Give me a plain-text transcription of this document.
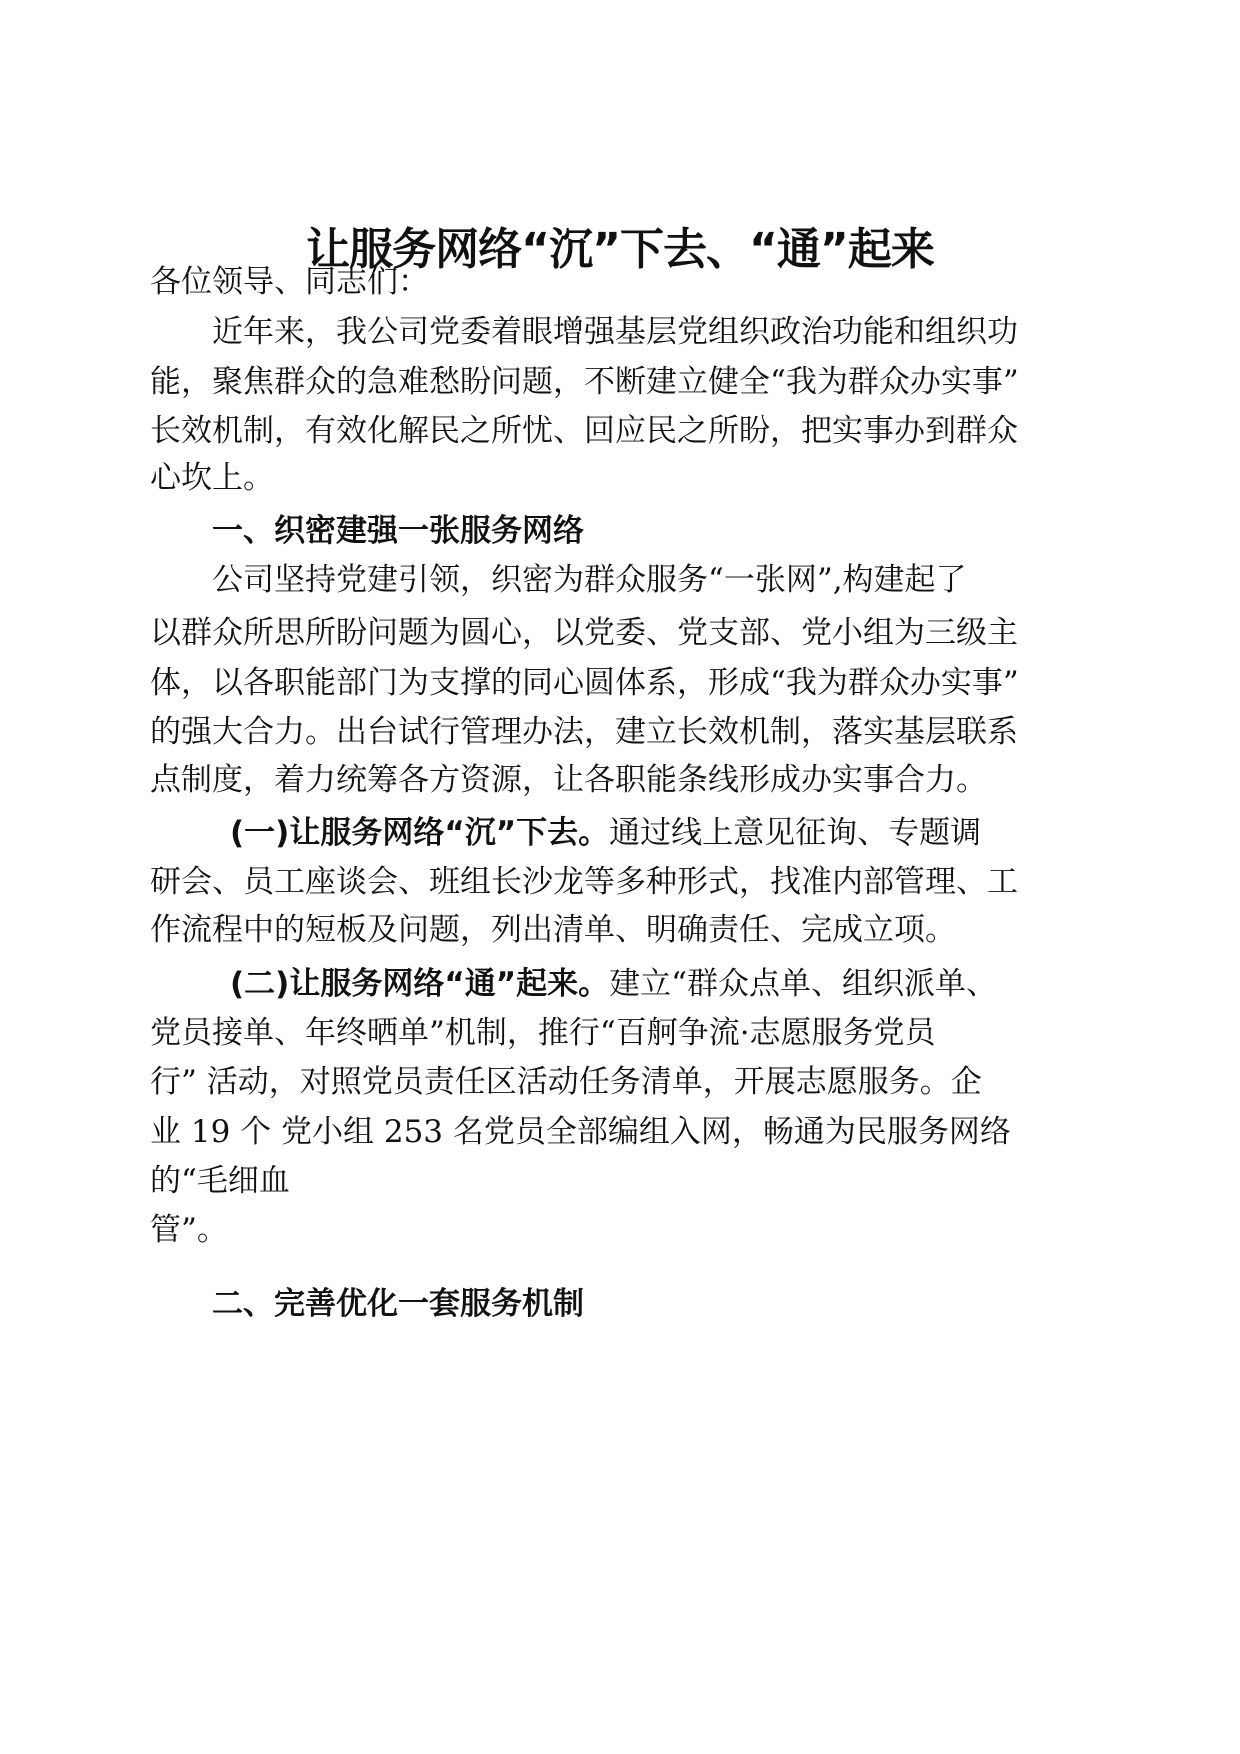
让服务网络“沉”下去、“通”起来
各位领导、同志们：
近年来，我公司党委着眼增强基层党组织政治功能和组织功
能，聚焦群众的急难愁盼问题，不断建立健全“我为群众办实事”
长效机制，有效化解民之所忧、回应民之所盼，把实事办到群众
心坎上。
一、织密建强一张服务网络
公司坚持党建引领，织密为群众服务“一张网”,构建起了
以群众所思所盼问题为圆心，以党委、党支部、党小组为三级主
体，以各职能部门为支撑的同心圆体系，形成“我为群众办实事”
的强大合力。出台试行管理办法，建立长效机制，落实基层联系
点制度，着力统筹各方资源，让各职能条线形成办实事合力。
(一)让服务网络“沉”下去。通过线上意见征询、专题调
研会、员工座谈会、班组长沙龙等多种形式，找准内部管理、工
作流程中的短板及问题，列出清单、明确责任、完成立项。
(二)让服务网络“通”起来。建立“群众点单、组织派单、
党员接单、年终晒单”机制，推行“百舸争流·志愿服务党员
行” 活动，对照党员责任区活动任务清单，开展志愿服务。企
业 19 个 党小组 253 名党员全部编组入网，畅通为民服务网络
的“毛细血
管”。
二、完善优化一套服务机制
